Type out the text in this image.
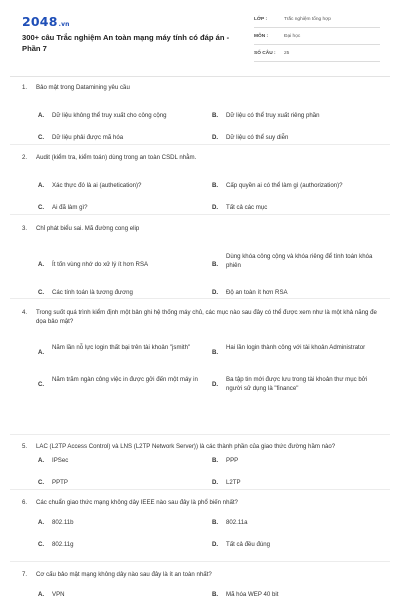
2048.vn
300+ câu Trắc nghiệm An toàn mạng máy tính có đáp án - Phần 7
LỚP :	Trắc nghiệm tổng hợp
MÔN :	Đại học
SỐ CÂU : 25
1. Bảo mật trong Datamining yêu cầu
A. Dữ liệu không thể truy xuất cho công cộng	B. Dữ liệu có thể truy xuất riêng phần
C. Dữ liệu phải được mã hóa	D. Dữ liệu có thể suy diễn
2. Audit (kiểm tra, kiểm toán) dùng trong an toàn CSDL nhằm.
A. Xác thực đó là ai (authetication)?	B. Cấp quyền ai có thể làm gì (authorization)?
C. Ai đã làm gì?	D. Tất cả các mục
3. Chỉ phát biểu sai. Mã đường cong elip
A. Ít tốn vùng nhớ do xử lý ít hơn RSA	B.
Dùng khóa công cộng và khóa riêng để tính toán khóa phiên
C. Các tính toán là tương đương	D. Độ an toàn ít hơn RSA
4. Trong suốt quá trình kiểm định một bản ghi hệ thống máy chủ, các mục nào sau đây có thể được xem như là một khả năng đe dọa bảo mật?
A.
Năm lần nỗ lực login thất bại trên tài khoản "jsmith"
B.
Hai lần login thành công với tài khoản Administrator
C.
Năm trăm ngàn công việc in được gởi đến một máy in
D.
Ba tập tin mới được lưu trong tài khoản thư mục bởi người sử dụng là "finance"
5. LAC (L2TP Access Control) và LNS (L2TP Network Server)) là các thành phần của giao thức đường hầm nào?
A. IPSec	B. PPP
C. PPTP	D. L2TP
6. Các chuẩn giao thức mạng không dây IEEE nào sau đây là phổ biến nhất?
A. 802.11b	B. 802.11a
C. 802.11g	D. Tất cả đều đúng
7. Cơ cấu bảo mật mạng không dây nào sau đây là ít an toàn nhất?
A. VPN	B. Mã hóa WEP 40 bit
